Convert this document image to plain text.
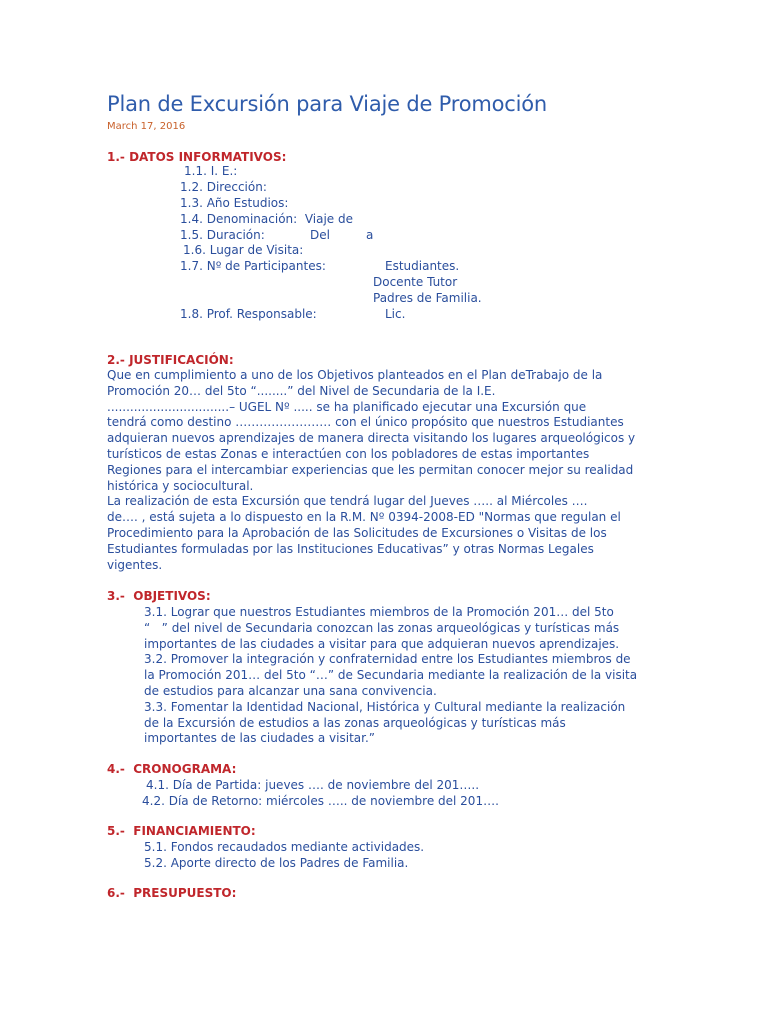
Plan de Excursión para Viaje de Promoción
March 17, 2016
1.- DATOS INFORMATIVOS:
1.1. I. E.:
1.2. Dirección:
1.3. Año Estudios:
1.4. Denominación:  Viaje de
1.5. Duración:	Del	a
1.6. Lugar de Visita:
1.7. Nº de Participantes:	Estudiantes.
Docente Tutor
Padres de Familia.
1.8. Prof. Responsable:	Lic.
2.- JUSTIFICACIÓN:
Que en cumplimiento a uno de los Objetivos planteados en el Plan deTrabajo de la
Promoción 20… del 5to “........” del Nivel de Secundaria de la I.E.
................................– UGEL Nº ..... se ha planificado ejecutar una Excursión que
tendrá como destino …………………… con el único propósito que nuestros Estudiantes
adquieran nuevos aprendizajes de manera directa visitando los lugares arqueológicos y
turísticos de estas Zonas e interactúen con los pobladores de estas importantes
Regiones para el intercambiar experiencias que les permitan conocer mejor su realidad
histórica y sociocultural.
La realización de esta Excursión que tendrá lugar del Jueves ….. al Miércoles ….
de…. , está sujeta a lo dispuesto en la R.M. Nº 0394-2008-ED "Normas que regulan el
Procedimiento para la Aprobación de las Solicitudes de Excursiones o Visitas de los
Estudiantes formuladas por las Instituciones Educativas” y otras Normas Legales
vigentes.
3.-  OBJETIVOS:
3.1. Lograr que nuestros Estudiantes miembros de la Promoción 201… del 5to
“   ” del nivel de Secundaria conozcan las zonas arqueológicas y turísticas más
importantes de las ciudades a visitar para que adquieran nuevos aprendizajes.
3.2. Promover la integración y confraternidad entre los Estudiantes miembros de
la Promoción 201… del 5to “…” de Secundaria mediante la realización de la visita
de estudios para alcanzar una sana convivencia.
3.3. Fomentar la Identidad Nacional, Histórica y Cultural mediante la realización
de la Excursión de estudios a las zonas arqueológicas y turísticas más
importantes de las ciudades a visitar.”
4.-  CRONOGRAMA:
4.1. Día de Partida: jueves …. de noviembre del 201…..
4.2. Día de Retorno: miércoles ….. de noviembre del 201….
5.-  FINANCIAMIENTO:
5.1. Fondos recaudados mediante actividades.
5.2. Aporte directo de los Padres de Familia.
6.-  PRESUPUESTO:
